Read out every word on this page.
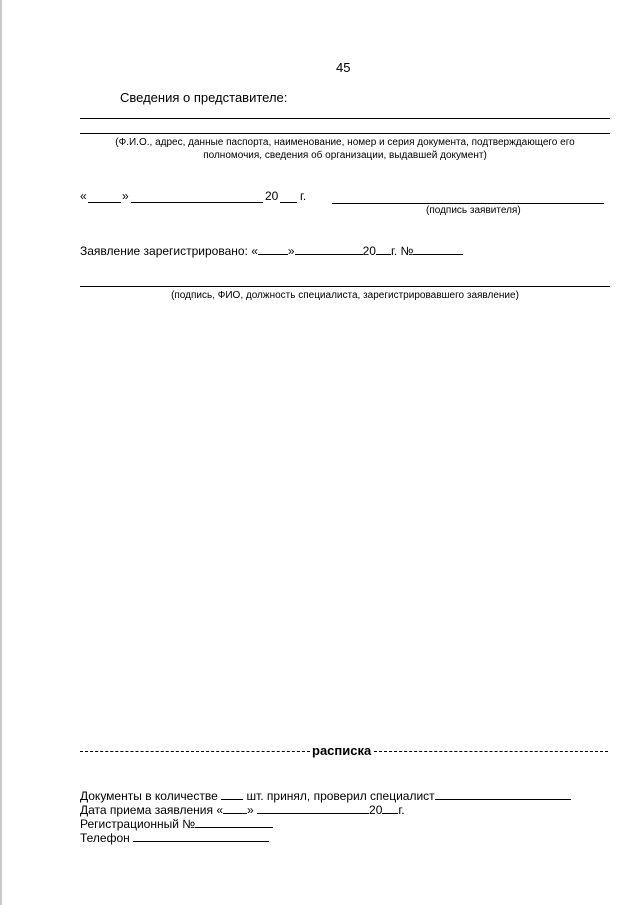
45
Сведения о представителе:
(Ф.И.О., адрес, данные паспорта, наименование, номер и серия документа, подтверждающего его
полномочия, сведения об организации, выдавшей документ)
«	»	20 г.
(подпись заявителя)
Заявление зарегистрировано: «	»	20 г. №
(подпись, ФИО, должность специалиста, зарегистрировавшего заявление)
расписка
Документы в количестве шт. принял, проверил специалист
Дата приема заявления « »	20 г.
Регистрационный №
Телефон
